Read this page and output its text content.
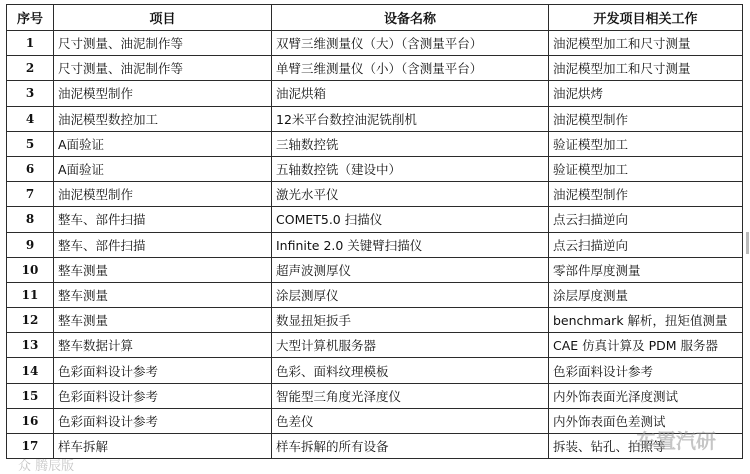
序号	项目	设备名称	开发项目相关工作
1	尺寸测量、油泥制作等	双臂三维测量仪（大）（含测量平台）	油泥模型加工和尺寸测量
2	尺寸测量、油泥制作等	单臂三维测量仪（小）（含测量平台）	油泥模型加工和尺寸测量
3	油泥模型制作	油泥烘箱	油泥烘烤
4	油泥模型数控加工	12米平台数控油泥铣削机	油泥模型制作
5	A面验证	三轴数控铣	验证模型加工
6	A面验证	五轴数控铣（建设中）	验证模型加工
7	油泥模型制作	激光水平仪	油泥模型制作
8	整车、部件扫描	COMET5.0 扫描仪	点云扫描逆向
9	整车、部件扫描	Infinite 2.0 关键臂扫描仪	点云扫描逆向
10	整车测量	超声波测厚仪	零部件厚度测量
11	整车测量	涂层测厚仪	涂层厚度测量
12	整车测量	数显扭矩扳手	benchmark 解析，扭矩值测量
13	整车数据计算	大型计算机服务器	CAE 仿真计算及 PDM 服务器
14	色彩面料设计参考	色彩、面料纹理模板	色彩面料设计参考
15	色彩面料设计参考	智能型三角度光泽度仪	内外饰表面光泽度测试
16	色彩面料设计参考	色差仪	内外饰表面色差测试
17	样车拆解	样车拆解的所有设备	拆装、钻孔、拍照等
车置汽研
众 腾辰版
